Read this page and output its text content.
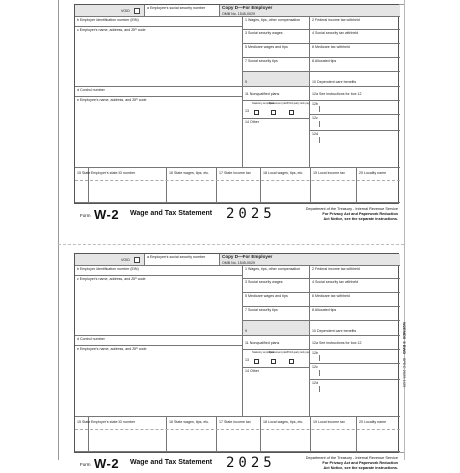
VOID
a Employee's social security number	Copy D—For Employer
OMB No. 1545-0029
b Employer identification number (EIN)
c Employer's name, address, and ZIP code
d Control number
e Employee's name, address, and ZIP code
1 Wages, tips, other compensation	2 Federal income tax withheld
3 Social security wages	4 Social security tax withheld
5 Medicare wages and tips	6 Medicare tax withheld
7 Social security tips	8 Allocated tips
9	10 Dependent care benefits
11 Nonqualified plans
13
Statutory employee
Retirement plan Third-party sick pay
14 Other
12a See instructions for box 12
12b
12c
12d
15 State Employer's state ID number	16 State wages, tips, etc.	17 State income tax	18 Local wages, tips, etc.	19 Local income tax	20 Locality name
Form W-2 Wage and Tax Statement 2025	Department of the Treasury - Internal Revenue Service
For Privacy Act and Paperwork Reduction
Act Notice, see the separate instructions.
VOID
a Employee's social security number	Copy D—For Employer
OMB No. 1545-0029
b Employer identification number (EIN)
c Employer's name, address, and ZIP code
d Control number
e Employee's name, address, and ZIP code
1 Wages, tips, other compensation	2 Federal income tax withheld
3 Social security wages	4 Social security tax withheld
5 Medicare wages and tips	6 Medicare tax withheld
7 Social security tips	8 Allocated tips
9	10 Dependent care benefits
11 Nonqualified plans
13
Statutory employee
Retirement plan Third-party sick pay
14 Other
12a See instructions for box 12
12b
12c
12d
15 State Employer's state ID number	16 State wages, tips, etc.	17 State income tax	18 Local wages, tips, etc.	19 Local income tax	20 Locality name
Form W-2 Wage and Tax Statement 2025	Department of the Treasury - Internal Revenue Service
For Privacy Act and Paperwork Reduction
Act Notice, see the separate instructions.
W2EMD5  5 BWD   SPEC 2025 1/25
